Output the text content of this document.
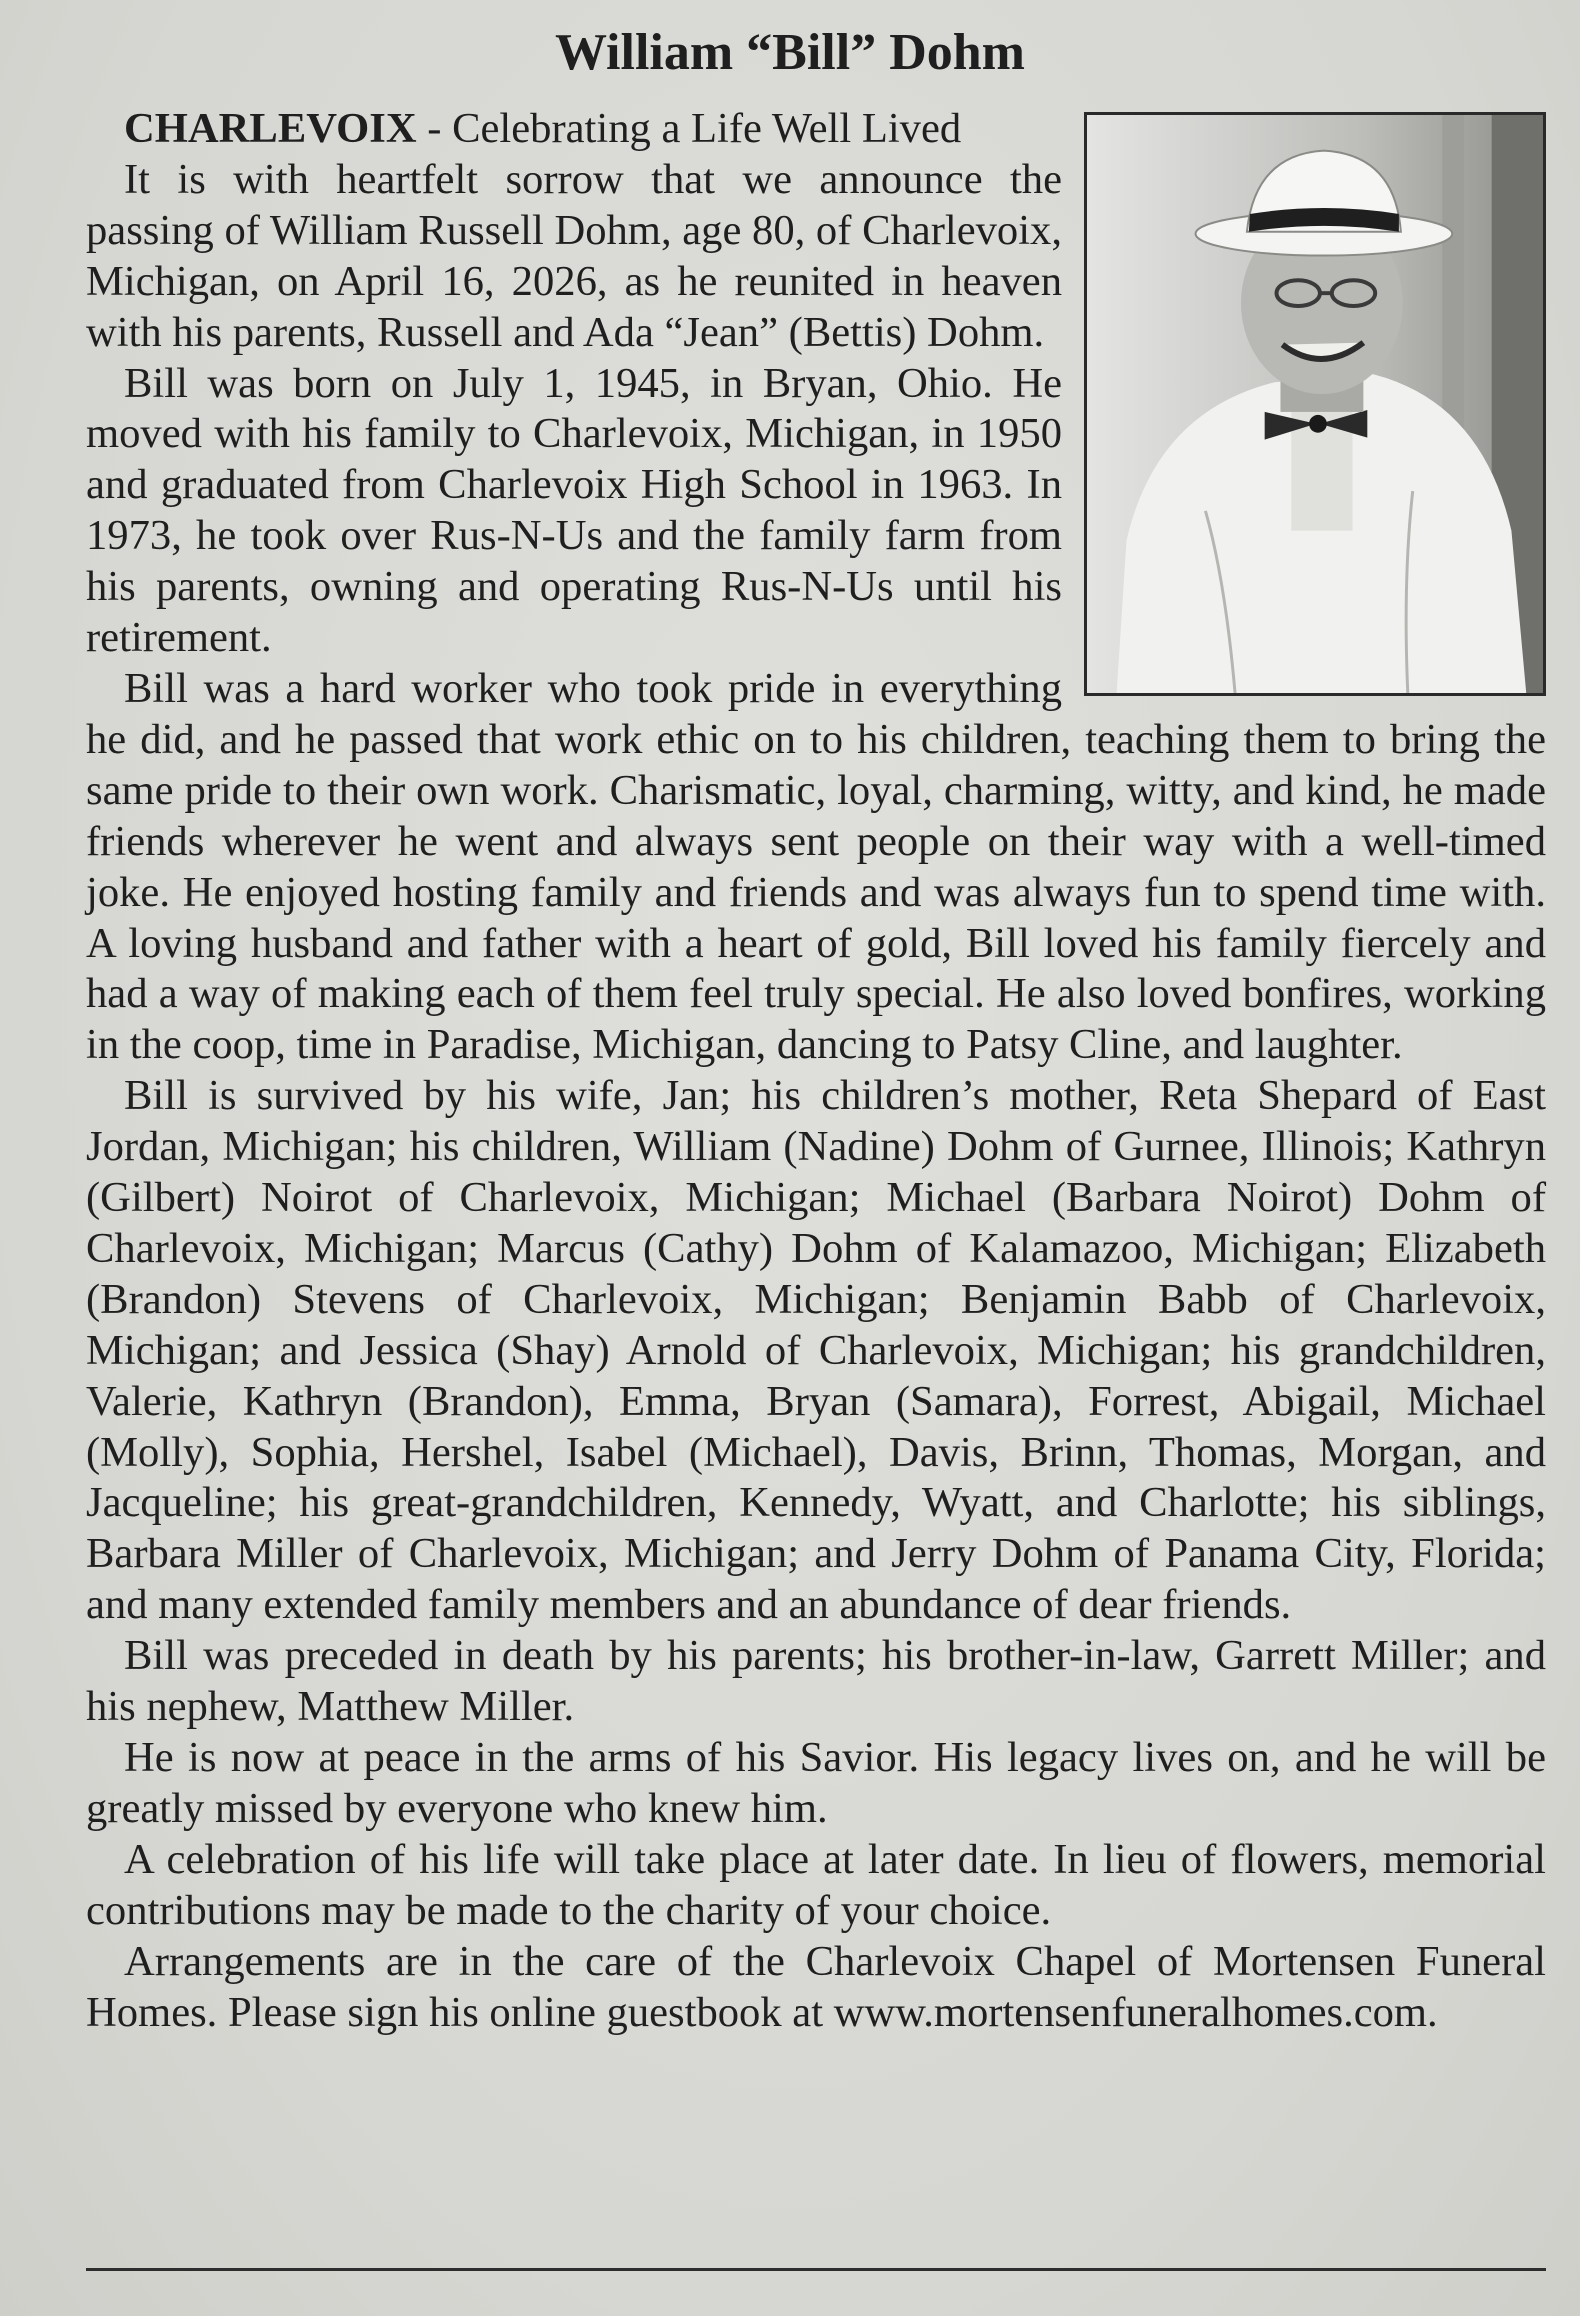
William “Bill” Dohm

CHARLEVOIX - Celebrating a Life Well Lived

It is with heartfelt sorrow that we announce the passing of William Russell Dohm, age 80, of Charlevoix, Michigan, on April 16, 2026, as he reunited in heaven with his parents, Russell and Ada “Jean” (Bettis) Dohm.

Bill was born on July 1, 1945, in Bryan, Ohio. He moved with his family to Charlevoix, Michigan, in 1950 and graduated from Charlevoix High School in 1963. In 1973, he took over Rus-N-Us and the family farm from his parents, owning and operating Rus-N-Us until his retirement.

Bill was a hard worker who took pride in everything he did, and he passed that work ethic on to his children, teaching them to bring the same pride to their own work. Charismatic, loyal, charming, witty, and kind, he made friends wherever he went and always sent people on their way with a well-timed joke. He enjoyed hosting family and friends and was always fun to spend time with. A loving husband and father with a heart of gold, Bill loved his family fiercely and had a way of making each of them feel truly special. He also loved bonfires, working in the coop, time in Paradise, Michigan, dancing to Patsy Cline, and laughter.

Bill is survived by his wife, Jan; his children’s mother, Reta Shepard of East Jordan, Michigan; his children, William (Nadine) Dohm of Gurnee, Illinois; Kathryn (Gilbert) Noirot of Charlevoix, Michigan; Michael (Barbara Noirot) Dohm of Charlevoix, Michigan; Marcus (Cathy) Dohm of Kalamazoo, Michigan; Elizabeth (Brandon) Stevens of Charlevoix, Michigan; Benjamin Babb of Charlevoix, Michigan; and Jessica (Shay) Arnold of Charlevoix, Michigan; his grandchildren, Valerie, Kathryn (Brandon), Emma, Bryan (Samara), Forrest, Abigail, Michael (Molly), Sophia, Hershel, Isabel (Michael), Davis, Brinn, Thomas, Morgan, and Jacqueline; his great-grandchildren, Kennedy, Wyatt, and Charlotte; his siblings, Barbara Miller of Charlevoix, Michigan; and Jerry Dohm of Panama City, Florida; and many extended family members and an abundance of dear friends.

Bill was preceded in death by his parents; his brother-in-law, Garrett Miller; and his nephew, Matthew Miller.

He is now at peace in the arms of his Savior. His legacy lives on, and he will be greatly missed by everyone who knew him.

A celebration of his life will take place at later date. In lieu of flowers, memorial contributions may be made to the charity of your choice.

Arrangements are in the care of the Charlevoix Chapel of Mortensen Funeral Homes. Please sign his online guestbook at www.mortensenfuneralhomes.com.
